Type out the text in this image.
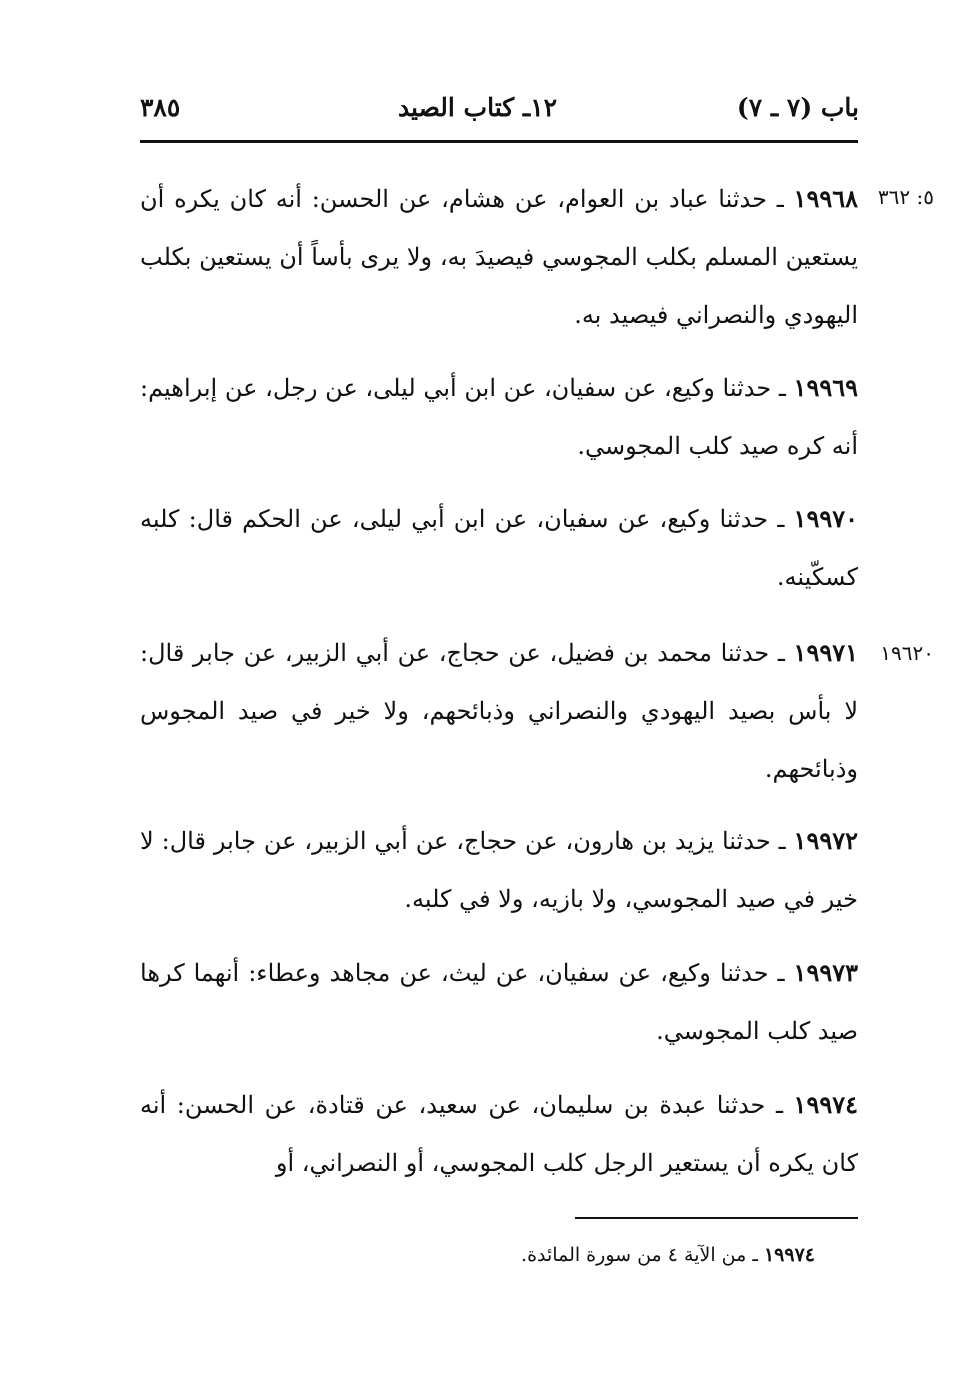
٣٨٥	١٢ـ كتاب الصيد	باب (٧ ـ ٧)
٥: ٣٦٢
١٩٦٢٠
١٩٩٦٨ ـ حدثنا عباد بن العوام، عن هشام، عن الحسن: أنه كان يكره أن يستعين المسلم بكلب المجوسي فيصيدَ به، ولا يرى بأساً أن يستعين بكلب اليهودي والنصراني فيصيد به.
١٩٩٦٩ ـ حدثنا وكيع، عن سفيان، عن ابن أبي ليلى، عن رجل، عن إبراهيم: أنه كره صيد كلب المجوسي.
١٩٩٧٠ ـ حدثنا وكيع، عن سفيان، عن ابن أبي ليلى، عن الحكم قال: كلبه كسكّينه.
١٩٩٧١ ـ حدثنا محمد بن فضيل، عن حجاج، عن أبي الزبير، عن جابر قال: لا بأس بصيد اليهودي والنصراني وذبائحهم، ولا خير في صيد المجوس وذبائحهم.
١٩٩٧٢ ـ حدثنا يزيد بن هارون، عن حجاج، عن أبي الزبير، عن جابر قال: لا خير في صيد المجوسي، ولا بازيه، ولا في كلبه.
١٩٩٧٣ ـ حدثنا وكيع، عن سفيان، عن ليث، عن مجاهد وعطاء: أنهما كرها صيد كلب المجوسي.
١٩٩٧٤ ـ حدثنا عبدة بن سليمان، عن سعيد، عن قتادة، عن الحسن: أنه كان يكره أن يستعير الرجل كلب المجوسي، أو النصراني، أو
١٩٩٧٤ ـ من الآية ٤ من سورة المائدة.
